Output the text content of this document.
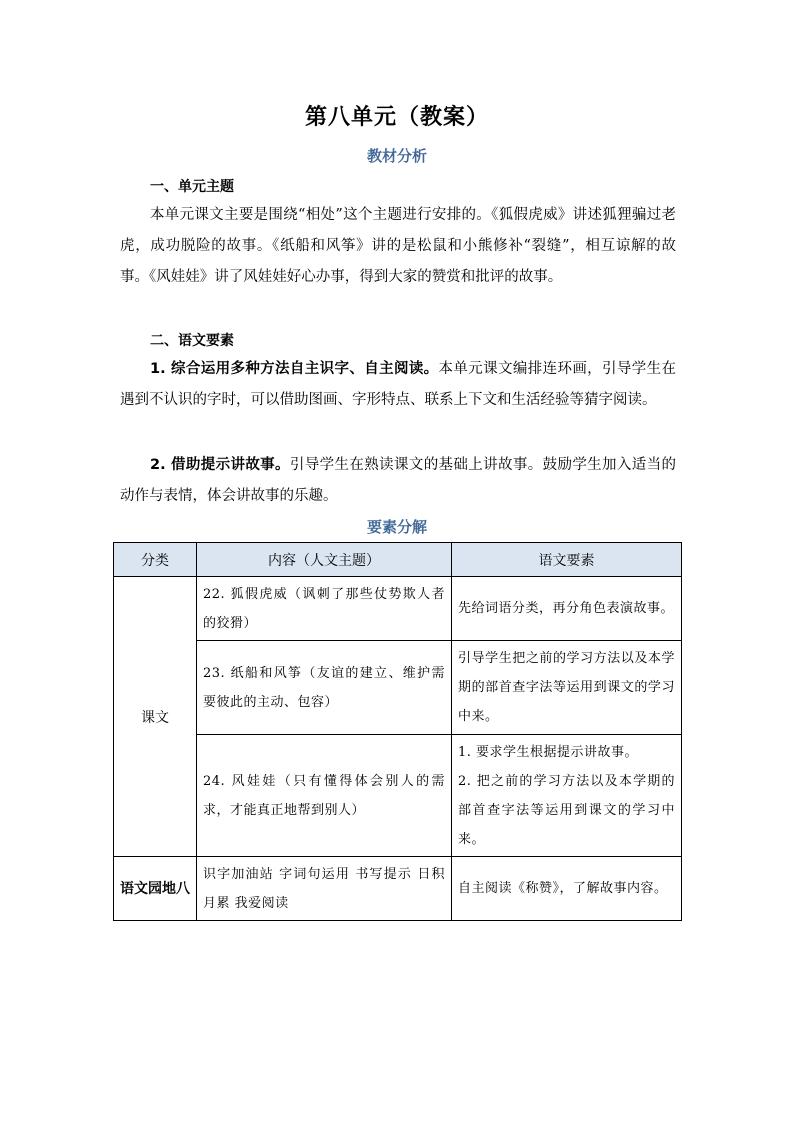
第八单元（教案）
教材分析
一、单元主题

本单元课文主要是围绕“相处”这个主题进行安排的。《狐假虎威》讲述狐狸骗过老虎，成功脱险的故事。《纸船和风筝》讲的是松鼠和小熊修补“裂缝”，相互谅解的故事。《风娃娃》讲了风娃娃好心办事，得到大家的赞赏和批评的故事。

二、语文要素

1. 综合运用多种方法自主识字、自主阅读。本单元课文编排连环画，引导学生在遇到不认识的字时，可以借助图画、字形特点、联系上下文和生活经验等猜字阅读。

2. 借助提示讲故事。引导学生在熟读课文的基础上讲故事。鼓励学生加入适当的动作与表情，体会讲故事的乐趣。

要素分解
分类	内容（人文主题）	语文要素
课文	22. 狐假虎威（讽刺了那些仗势欺人者的狡猾）	先给词语分类，再分角色表演故事。
	23. 纸船和风筝（友谊的建立、维护需要彼此的主动、包容）	引导学生把之前的学习方法以及本学期的部首查字法等运用到课文的学习中来。
	24. 风娃娃（只有懂得体会别人的需求，才能真正地帮到别人）	1. 要求学生根据提示讲故事。
2. 把之前的学习方法以及本学期的部首查字法等运用到课文的学习中来。

语文园地八	识字加油站 字词句运用 书写提示 日积月累 我爱阅读	自主阅读《称赞》，了解故事内容。
